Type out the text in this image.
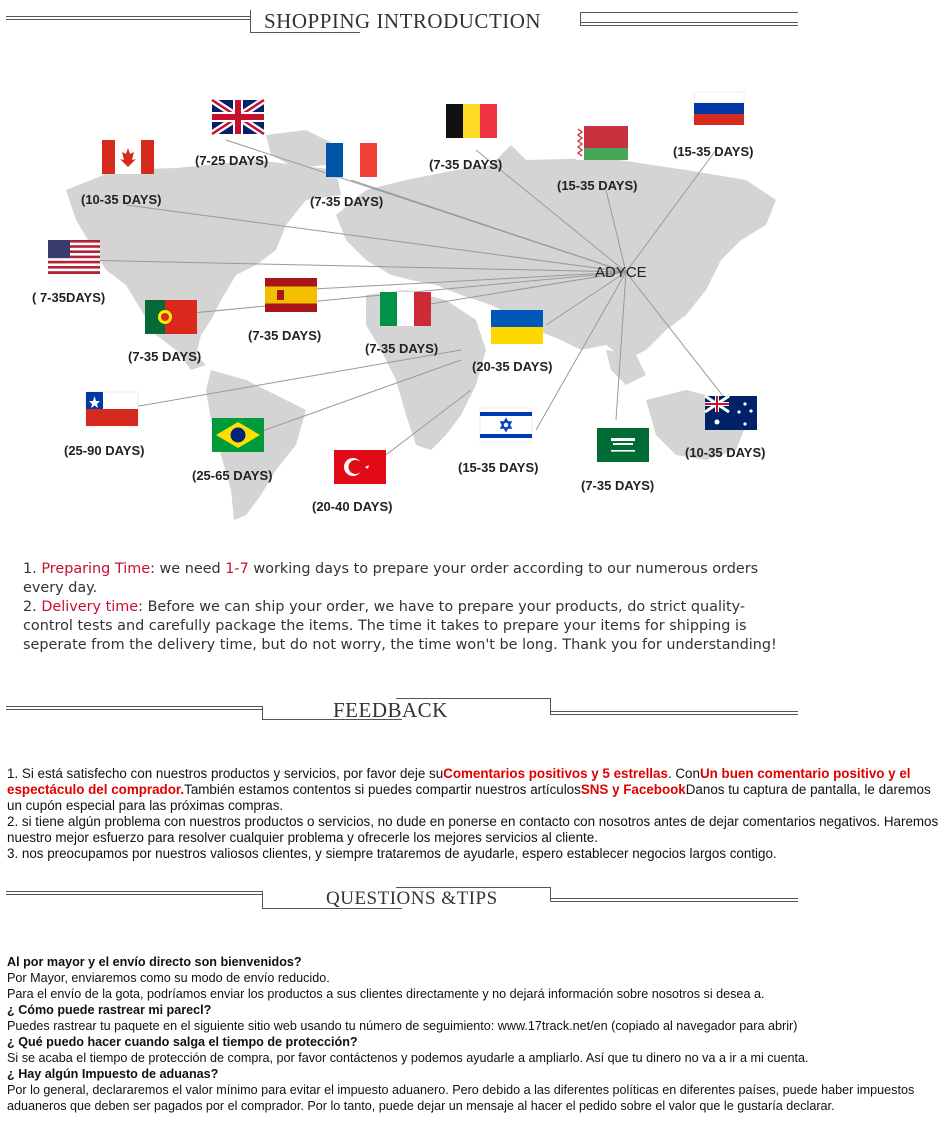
SHOPPING INTRODUCTION
ADYCE
(7-25 DAYS)
(10-35 DAYS)	(7-35 DAYS)
(7-35 DAYS)
(15-35 DAYS)
(15-35 DAYS)
( 7-35DAYS)
(7-35 DAYS)
(7-35 DAYS)
(7-35 DAYS)
(20-35 DAYS)
(25-90 DAYS)
(25-65 DAYS)
(20-40 DAYS)
(15-35 DAYS)
(7-35 DAYS)
(10-35 DAYS)

1. Preparing Time: we need 1-7 working days to prepare your order according to our numerous orders every day.

2. Delivery time: Before we can ship your order, we have to prepare your products, do strict quality-control tests and carefully package the items. The time it takes to prepare your items for shipping is seperate from the delivery time, but do not worry, the time won't be long. Thank you for understanding!

FEEDBACK

1. Si está satisfecho con nuestros productos y servicios, por favor deje suComentarios positivos y 5 estrellas. ConUn buen comentario positivo y el espectáculo del comprador.También estamos contentos si puedes compartir nuestros artículosSNS y FacebookDanos tu captura de pantalla, le daremos un cupón especial para las próximas compras.

2. si tiene algún problema con nuestros productos o servicios, no dude en ponerse en contacto con nosotros antes de dejar comentarios negativos. Haremos nuestro mejor esfuerzo para resolver cualquier problema y ofrecerle los mejores servicios al cliente.

3. nos preocupamos por nuestros valiosos clientes, y siempre trataremos de ayudarle, espero establecer negocios largos contigo.

QUESTIONS &TIPS

Al por mayor y el envío directo son bienvenidos?

Por Mayor, enviaremos como su modo de envío reducido.

Para el envío de la gota, podríamos enviar los productos a sus clientes directamente y no dejará información sobre nosotros si desea a.

¿ Cómo puede rastrear mi parecl?

Puedes rastrear tu paquete en el siguiente sitio web usando tu número de seguimiento: www.17track.net/en (copiado al navegador para abrir)

¿ Qué puedo hacer cuando salga el tiempo de protección?

Si se acaba el tiempo de protección de compra, por favor contáctenos y podemos ayudarle a ampliarlo. Así que tu dinero no va a ir a mi cuenta.

¿ Hay algún Impuesto de aduanas?

Por lo general, declararemos el valor mínimo para evitar el impuesto aduanero. Pero debido a las diferentes políticas en diferentes países, puede haber impuestos aduaneros que deben ser pagados por el comprador. Por lo tanto, puede dejar un mensaje al hacer el pedido sobre el valor que le gustaría declarar.
